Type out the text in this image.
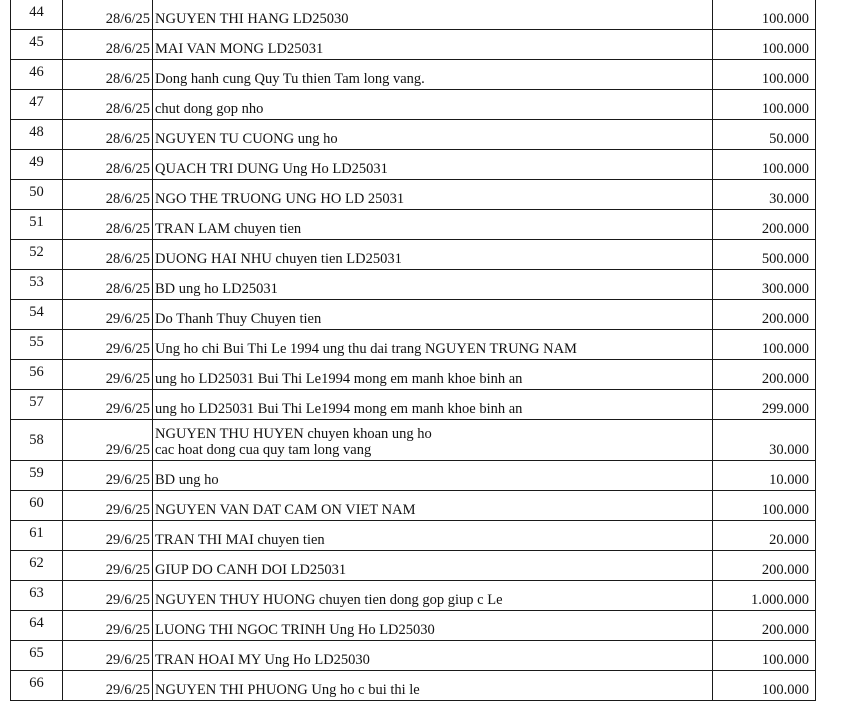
44	28/6/25	NGUYEN THI HANG LD25030	100.000
45	28/6/25	MAI VAN MONG LD25031	100.000
46	28/6/25	Dong hanh cung Quy Tu thien Tam long vang.	100.000
47	28/6/25	chut dong gop nho	100.000
48	28/6/25	NGUYEN TU CUONG ung ho	50.000
49	28/6/25	QUACH TRI DUNG Ung Ho LD25031	100.000
50	28/6/25	NGO THE TRUONG UNG HO LD 25031	30.000
51	28/6/25	TRAN LAM chuyen tien	200.000
52	28/6/25	DUONG HAI NHU chuyen tien LD25031	500.000
53	28/6/25	BD ung ho LD25031	300.000
54	29/6/25	Do Thanh Thuy Chuyen tien	200.000
55	29/6/25	Ung ho chi Bui Thi Le 1994 ung thu dai trang NGUYEN TRUNG NAM	100.000
56	29/6/25	ung ho LD25031 Bui Thi Le1994 mong em manh khoe binh an	200.000
57	29/6/25	ung ho LD25031 Bui Thi Le1994 mong em manh khoe binh an	299.000
58	29/6/25	NGUYEN THU HUYEN chuyen khoan ung ho
cac hoat dong cua quy tam long vang	30.000
59	29/6/25	BD ung ho	10.000
60	29/6/25	NGUYEN VAN DAT CAM ON VIET NAM	100.000
61	29/6/25	TRAN THI MAI chuyen tien	20.000
62	29/6/25	GIUP DO CANH DOI LD25031	200.000
63	29/6/25	NGUYEN THUY HUONG chuyen tien dong gop giup c Le	1.000.000
64	29/6/25	LUONG THI NGOC TRINH Ung Ho LD25030	200.000
65	29/6/25	TRAN HOAI MY Ung Ho LD25030	100.000
66	29/6/25	NGUYEN THI PHUONG Ung ho c bui thi le	100.000
